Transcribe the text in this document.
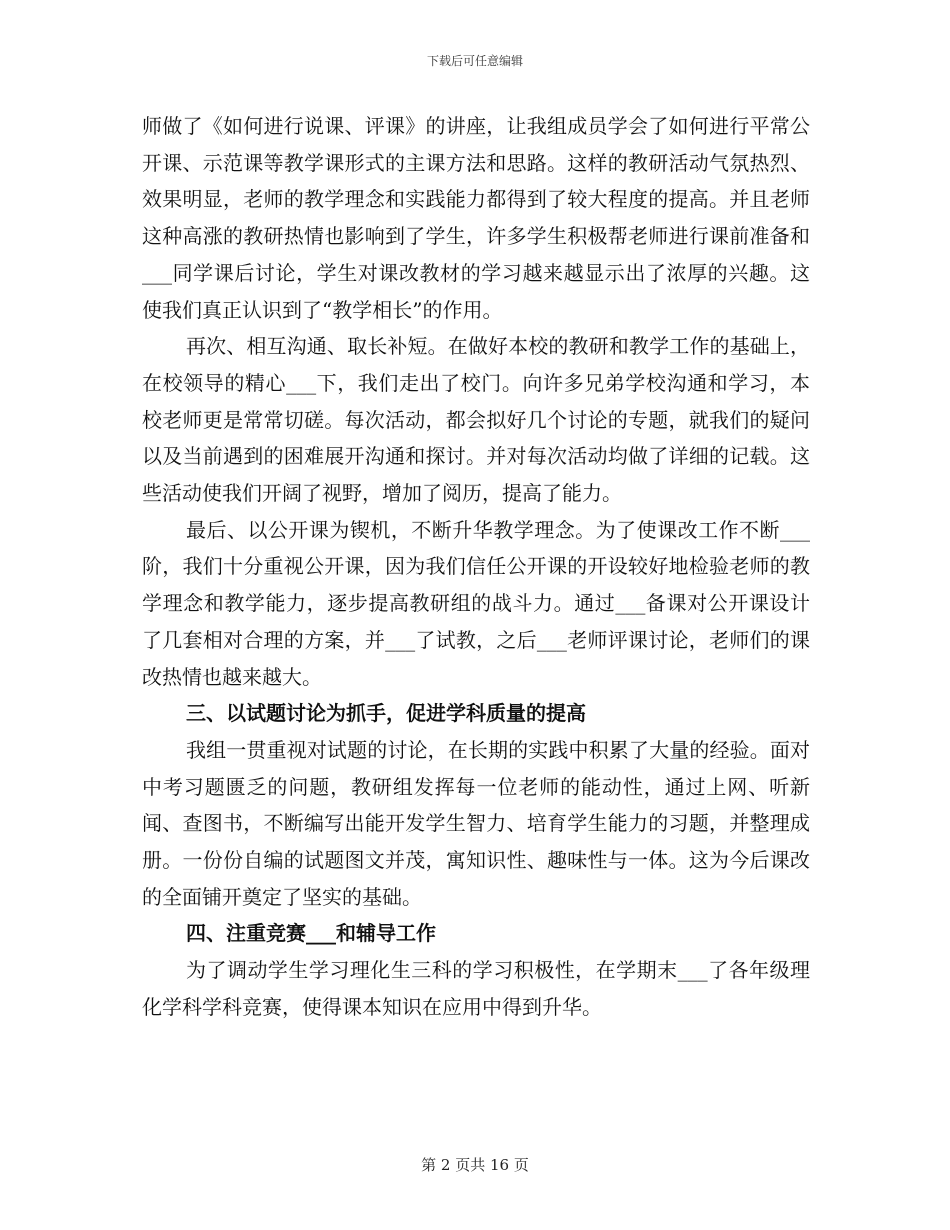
下载后可任意编辑

师做了《如何进行说课、评课》的讲座，让我组成员学会了如何进行平常公开课、示范课等教学课形式的主课方法和思路。这样的教研活动气氛热烈、效果明显，老师的教学理念和实践能力都得到了较大程度的提高。并且老师这种高涨的教研热情也影响到了学生，许多学生积极帮老师进行课前准备和___同学课后讨论，学生对课改教材的学习越来越显示出了浓厚的兴趣。这使我们真正认识到了“教学相长”的作用。

再次、相互沟通、取长补短。在做好本校的教研和教学工作的基础上，在校领导的精心___下，我们走出了校门。向许多兄弟学校沟通和学习，本校老师更是常常切磋。每次活动，都会拟好几个讨论的专题，就我们的疑问以及当前遇到的困难展开沟通和探讨。并对每次活动均做了详细的记载。这些活动使我们开阔了视野，增加了阅历，提高了能力。

最后、以公开课为锲机，不断升华教学理念。为了使课改工作不断___阶，我们十分重视公开课，因为我们信任公开课的开设较好地检验老师的教学理念和教学能力，逐步提高教研组的战斗力。通过___备课对公开课设计了几套相对合理的方案，并___了试教，之后___老师评课讨论，老师们的课改热情也越来越大。

三、以试题讨论为抓手，促进学科质量的提高

我组一贯重视对试题的讨论，在长期的实践中积累了大量的经验。面对中考习题匮乏的问题，教研组发挥每一位老师的能动性，通过上网、听新闻、查图书，不断编写出能开发学生智力、培育学生能力的习题，并整理成册。一份份自编的试题图文并茂，寓知识性、趣味性与一体。这为今后课改的全面铺开奠定了坚实的基础。

四、注重竞赛___和辅导工作

为了调动学生学习理化生三科的学习积极性，在学期末___了各年级理化学科学科竞赛，使得课本知识在应用中得到升华。

第 2 页共 16 页
